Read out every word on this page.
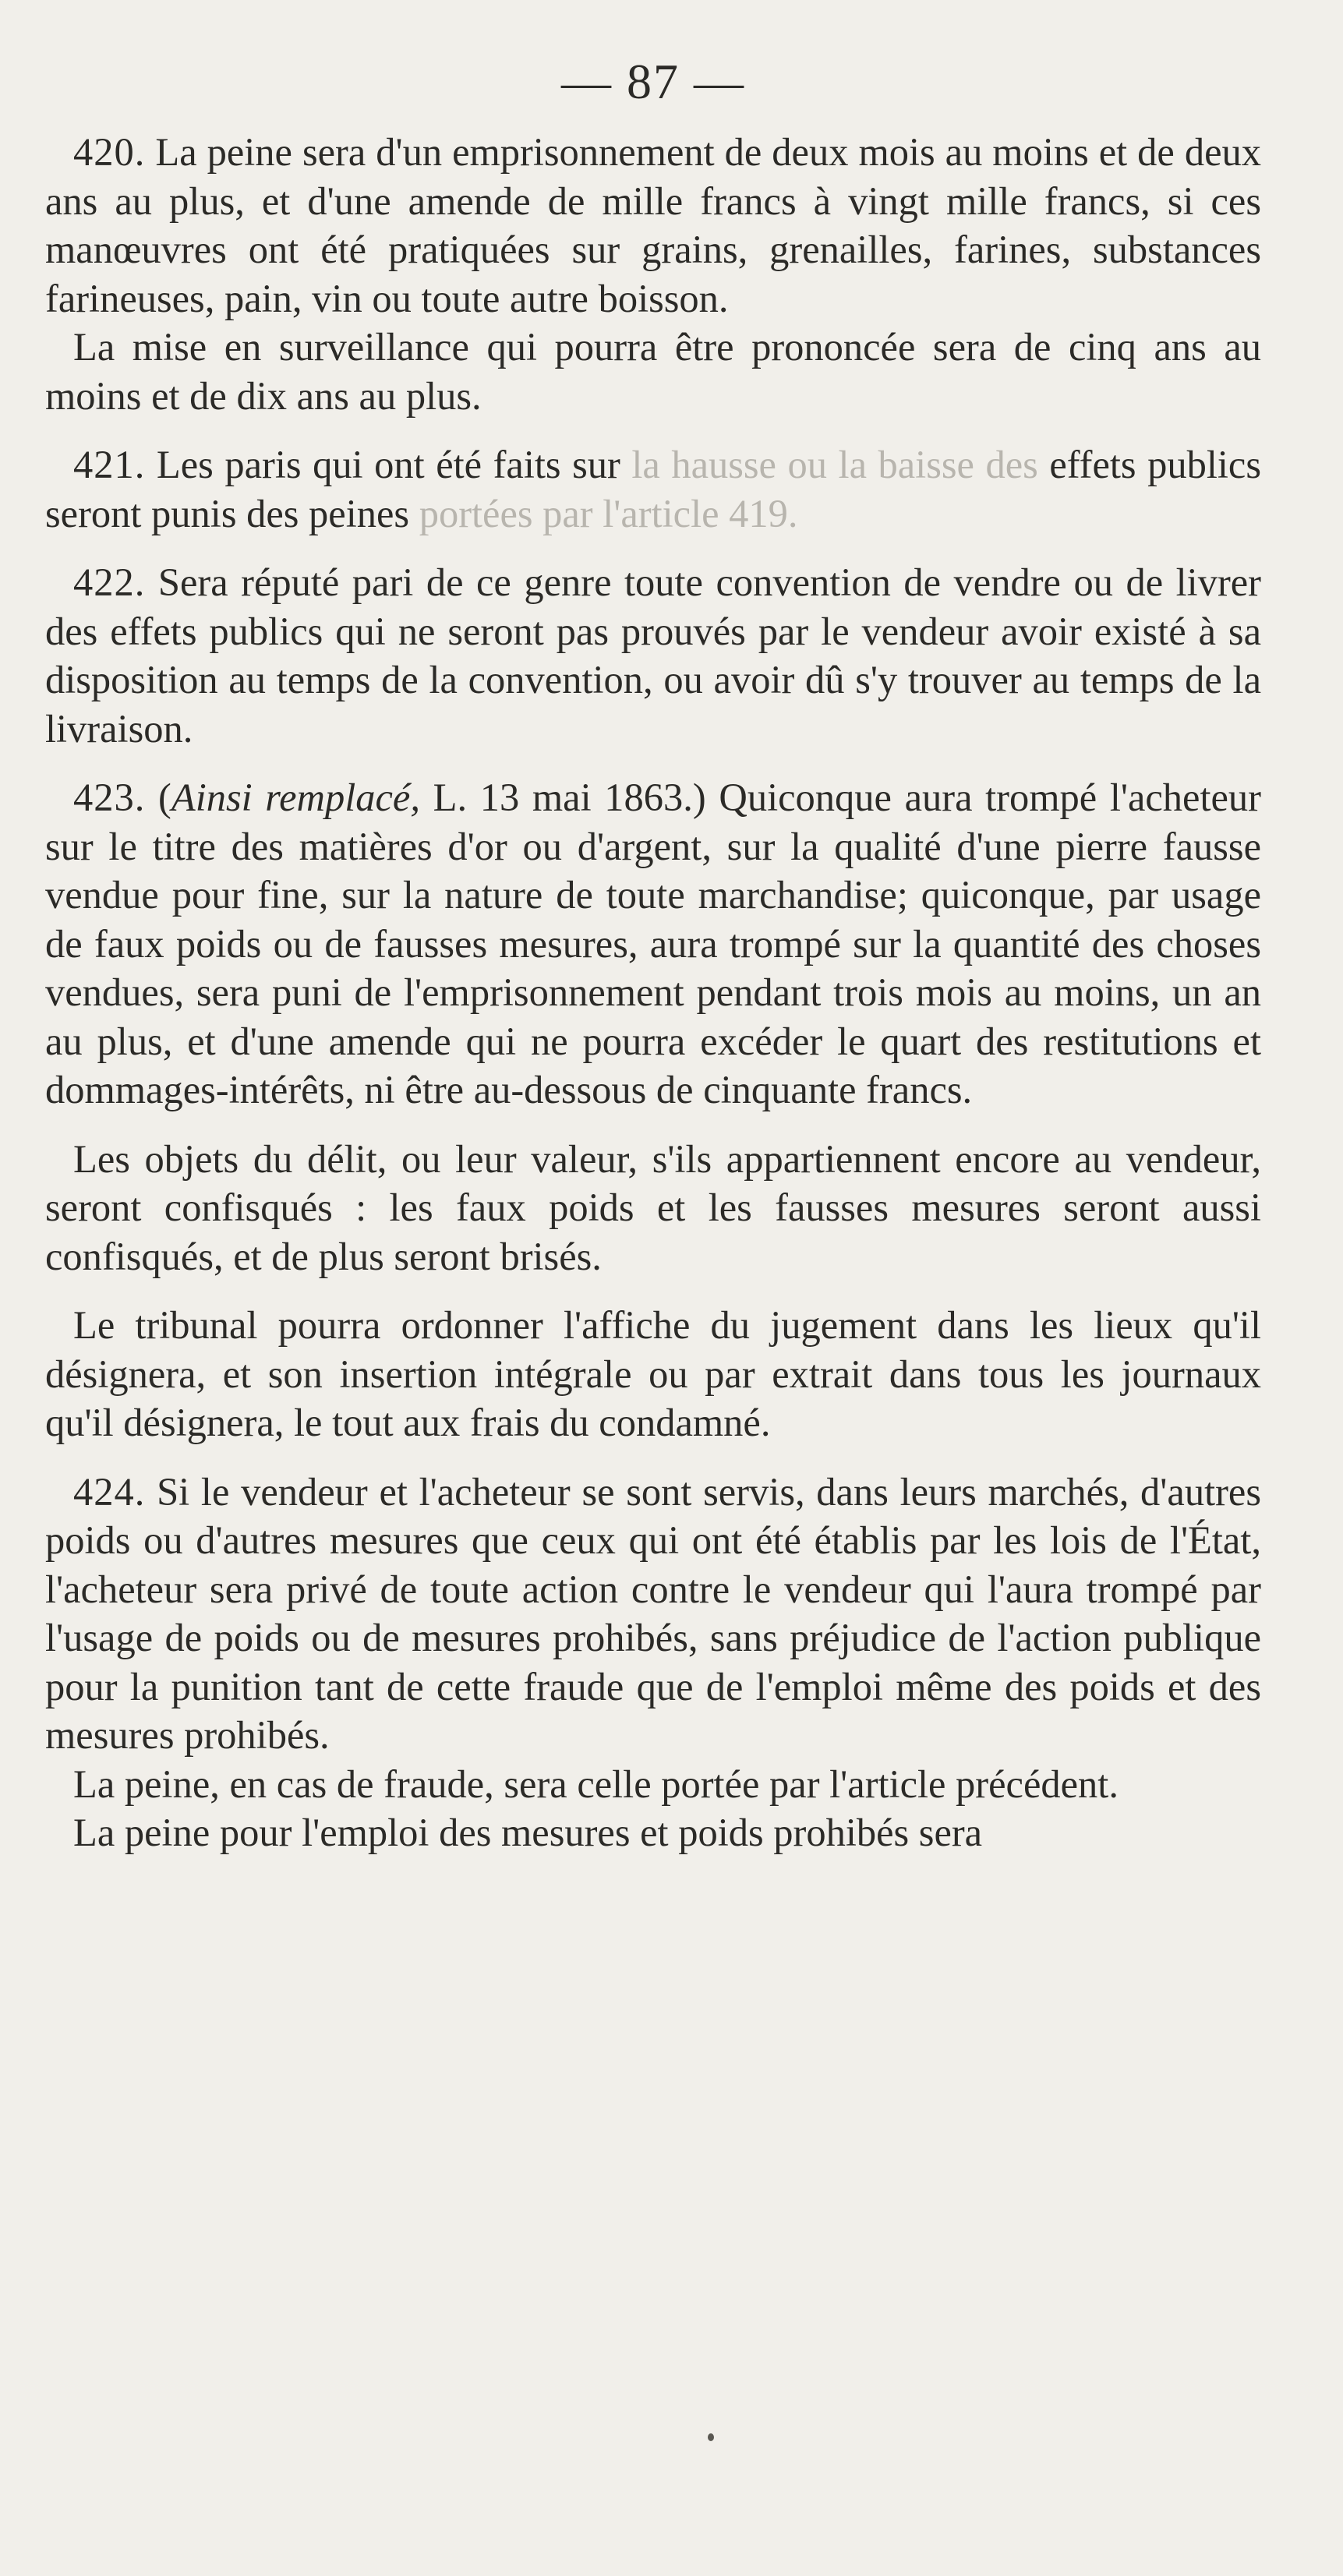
— 87 —

420. La peine sera d'un emprisonnement de deux mois au moins et de deux ans au plus, et d'une amende de mille francs à vingt mille francs, si ces manœuvres ont été pratiquées sur grains, grenailles, farines, substances farineuses, pain, vin ou toute autre boisson.

La mise en surveillance qui pourra être prononcée sera de cinq ans au moins et de dix ans au plus.

421. Les paris qui ont été faits sur la hausse ou la baisse des effets publics seront punis des peines portées par l'article 419.

422. Sera réputé pari de ce genre toute convention de vendre ou de livrer des effets publics qui ne seront pas prouvés par le vendeur avoir existé à sa disposition au temps de la convention, ou avoir dû s'y trouver au temps de la livraison.

423. (Ainsi remplacé, L. 13 mai 1863.) Quiconque aura trompé l'acheteur sur le titre des matières d'or ou d'argent, sur la qualité d'une pierre fausse vendue pour fine, sur la nature de toute marchandise; quiconque, par usage de faux poids ou de fausses mesures, aura trompé sur la quantité des choses vendues, sera puni de l'emprisonnement pendant trois mois au moins, un an au plus, et d'une amende qui ne pourra excéder le quart des restitutions et dommages-intérêts, ni être au-dessous de cinquante francs.

Les objets du délit, ou leur valeur, s'ils appartiennent encore au vendeur, seront confisqués : les faux poids et les fausses mesures seront aussi confisqués, et de plus seront brisés.

Le tribunal pourra ordonner l'affiche du jugement dans les lieux qu'il désignera, et son insertion intégrale ou par extrait dans tous les journaux qu'il désignera, le tout aux frais du condamné.

424. Si le vendeur et l'acheteur se sont servis, dans leurs marchés, d'autres poids ou d'autres mesures que ceux qui ont été établis par les lois de l'État, l'acheteur sera privé de toute action contre le vendeur qui l'aura trompé par l'usage de poids ou de mesures prohibés, sans préjudice de l'action publique pour la punition tant de cette fraude que de l'emploi même des poids et des mesures prohibés.

La peine, en cas de fraude, sera celle portée par l'article précédent.

La peine pour l'emploi des mesures et poids prohibés sera
